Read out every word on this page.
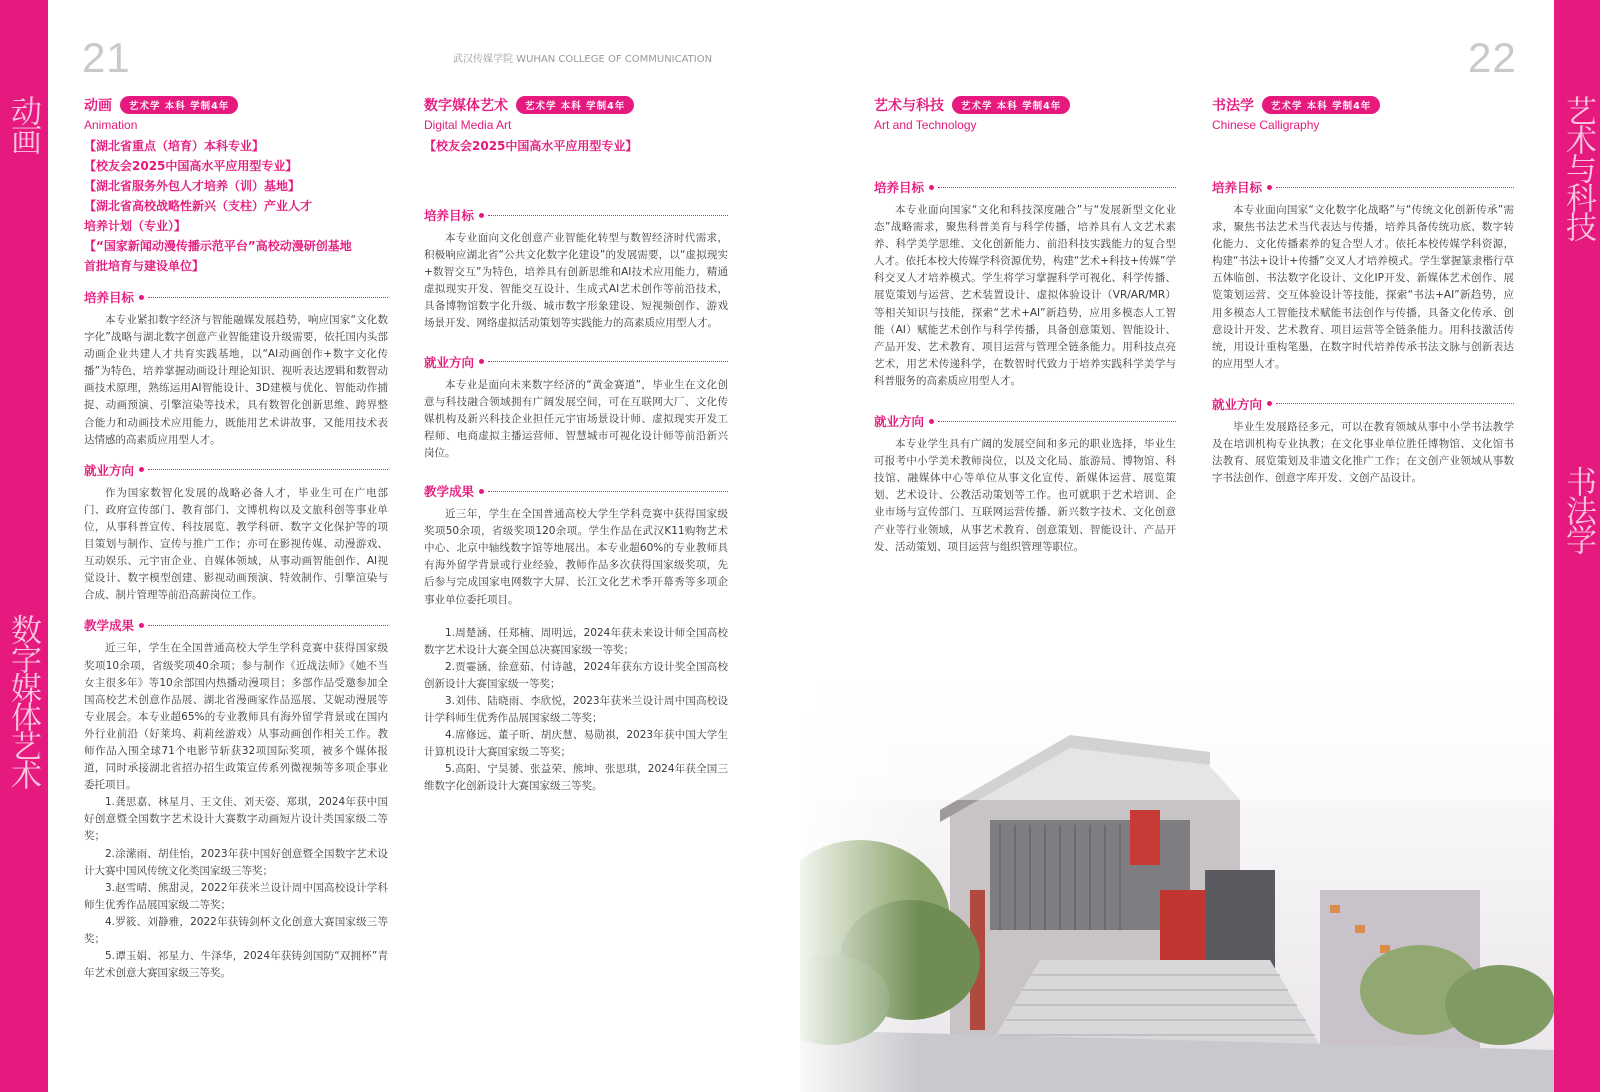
动画
数字媒体艺术
艺术与科技
书法学
21	22
武汉传媒学院 WUHAN COLLEGE OF COMMUNICATION
动画	艺术学 本科 学制4年
Animation
【湖北省重点（培育）本科专业】
【校友会2025中国高水平应用型专业】
【湖北省服务外包人才培养（训）基地】
【湖北省高校战略性新兴（支柱）产业人才
培养计划（专业）】
【“国家新闻动漫传播示范平台”高校动漫研创基地
首批培育与建设单位】
培养目标

本专业紧扣数字经济与智能融媒发展趋势，响应国家“文化数字化”战略与湖北数字创意产业智能建设升级需要，依托国内头部动画企业共建人才共育实践基地，以“AI动画创作+数字文化传播”为特色，培养掌握动画设计理论知识、视听表达逻辑和数智动画技术原理，熟练运用AI智能设计、3D建模与优化、智能动作捕捉、动画预演、引擎渲染等技术，具有数智化创新思维、跨界整合能力和动画技术应用能力，既能用艺术讲故事，又能用技术表达情感的高素质应用型人才。

就业方向

作为国家数智化发展的战略必备人才，毕业生可在广电部门、政府宣传部门、教育部门、文博机构以及文旅科创等事业单位，从事科普宣传、科技展览、教学科研、数字文化保护等的项目策划与制作、宣传与推广工作；亦可在影视传媒、动漫游戏、互动娱乐、元宇宙企业、自媒体领域，从事动画智能创作、AI视觉设计、数字模型创建、影视动画预演、特效制作、引擎渲染与合成、制片管理等前沿高薪岗位工作。

教学成果

近三年，学生在全国普通高校大学生学科竞赛中获得国家级奖项10余项，省级奖项40余项；参与制作《近战法师》《她不当女主很多年》等10余部国内热播动漫项目；多部作品受邀参加全国高校艺术创意作品展、湖北省漫画家作品巡展、艾妮动漫展等专业展会。本专业超65%的专业教师具有海外留学背景或在国内外行业前沿（好莱坞、莉莉丝游戏）从事动画创作相关工作。教师作品入围全球71个电影节斩获32项国际奖项，被多个媒体报道，同时承接湖北省招办招生政策宣传系列微视频等多项企事业委托项目。

1.龚思嘉、林星月、王文佳、刘天姿、郑琪，2024年获中国好创意暨全国数字艺术设计大赛数字动画短片设计类国家级二等奖；

2.涂潆雨、胡佳怡，2023年获中国好创意暨全国数字艺术设计大赛中国风传统文化类国家级三等奖；

3.赵雪晴、熊甜灵，2022年获米兰设计周中国高校设计学科师生优秀作品展国家级二等奖；

4.罗筱、刘静雅，2022年获铸剑杯文化创意大赛国家级三等奖；

5.谭玉娟、祁星力、牛泽华，2024年获铸剑国防“双拥杯”青年艺术创意大赛国家级三等奖。

数字媒体艺术	艺术学 本科 学制4年
Digital Media Art
【校友会2025中国高水平应用型专业】
培养目标

本专业面向文化创意产业智能化转型与数智经济时代需求，积极响应湖北省“公共文化数字化建设”的发展需要，以“虚拟现实+数智交互”为特色，培养具有创新思维和AI技术应用能力，精通虚拟现实开发、智能交互设计、生成式AI艺术创作等前沿技术，具备博物馆数字化升级、城市数字形象建设、短视频创作、游戏场景开发、网络虚拟活动策划等实践能力的高素质应用型人才。

就业方向

本专业是面向未来数字经济的“黄金赛道”，毕业生在文化创意与科技融合领域拥有广阔发展空间，可在互联网大厂、文化传媒机构及新兴科技企业担任元宇宙场景设计师、虚拟现实开发工程师、电商虚拟主播运营师、智慧城市可视化设计师等前沿新兴岗位。

教学成果

近三年，学生在全国普通高校大学生学科竞赛中获得国家级奖项50余项，省级奖项120余项。学生作品在武汉K11购物艺术中心、北京中轴线数字馆等地展出。本专业超60%的专业教师具有海外留学背景或行业经验，教师作品多次获得国家级奖项，先后参与完成国家电网数字大屏、长江文化艺术季开幕秀等多项企事业单位委托项目。

1.周楚涵、任郑楠、周明远，2024年获未来设计师全国高校数字艺术设计大赛全国总决赛国家级一等奖；

2.贾霎涵、徐意茹、付诗越，2024年获东方设计奖全国高校创新设计大赛国家级一等奖；

3.刘伟、陆晓雨、李欣悦，2023年获米兰设计周中国高校设计学科师生优秀作品展国家级二等奖；

4.席修远、董子昕、胡庆慧、易勋祺，2023年获中国大学生计算机设计大赛国家级二等奖；

5.高阳、宁昊赟、张益荣、熊坤、张思琪，2024年获全国三维数字化创新设计大赛国家级三等奖。

艺术与科技	艺术学 本科 学制4年
Art and Technology
培养目标

本专业面向国家“文化和科技深度融合”与“发展新型文化业态”战略需求，聚焦科普美育与科学传播，培养具有人文艺术素养、科学美学思维、文化创新能力、前沿科技实践能力的复合型人才。依托本校大传媒学科资源优势，构建“艺术+科技+传媒”学科交叉人才培养模式。学生将学习掌握科学可视化、科学传播、展览策划与运营、艺术装置设计、虚拟体验设计（VR/AR/MR）等相关知识与技能，探索“艺术+AI”新趋势，应用多模态人工智能（AI）赋能艺术创作与科学传播，具备创意策划、智能设计、产品开发、艺术教育、项目运营与管理全链条能力。用科技点亮艺术，用艺术传递科学，在数智时代致力于培养实践科学美学与科普服务的高素质应用型人才。

就业方向

本专业学生具有广阔的发展空间和多元的职业选择，毕业生可报考中小学美术教师岗位，以及文化局、旅游局、博物馆、科技馆、融媒体中心等单位从事文化宣传、新媒体运营、展览策划、艺术设计、公教活动策划等工作。也可就职于艺术培训、企业市场与宣传部门、互联网运营传播、新兴数字技术、文化创意产业等行业领域，从事艺术教育、创意策划、智能设计、产品开发、活动策划、项目运营与组织管理等职位。

书法学	艺术学 本科 学制4年
Chinese Calligraphy
培养目标

本专业面向国家“文化数字化战略”与“传统文化创新传承”需求，聚焦书法艺术当代表达与传播，培养具备传统功底、数字转化能力、文化传播素养的复合型人才。依托本校传媒学科资源，构建“书法+设计+传播”交叉人才培养模式。学生掌握篆隶楷行草五体临创、书法数字化设计、文化IP开发、新媒体艺术创作、展览策划运营、交互体验设计等技能，探索“书法+AI”新趋势，应用多模态人工智能技术赋能书法创作与传播，具备文化传承、创意设计开发、艺术教育、项目运营等全链条能力。用科技激活传统，用设计重构笔墨，在数字时代培养传承书法文脉与创新表达的应用型人才。

就业方向

毕业生发展路径多元，可以在教育领域从事中小学书法教学及在培训机构专业执教；在文化事业单位胜任博物馆、文化馆书法教育、展览策划及非遗文化推广工作；在文创产业领域从事数字书法创作、创意字库开发、文创产品设计。
